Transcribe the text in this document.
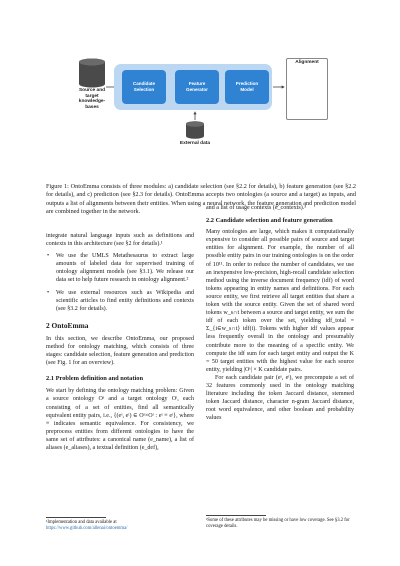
Source and
target
knowledge-
bases
Candidate
Selection
Feature
Generator
Prediction
Model
Alignment
External data
Figure 1: OntoEmma consists of three modules: a) candidate selection (see §2.2 for details), b) feature generation (see §2.2 for details), and c) prediction (see §2.3 for details). OntoEmma accepts two ontologies (a source and a target) as inputs, and outputs a list of alignments between their entities. When using a neural network, the feature generation and prediction model are combined together in the network.

integrate natural language inputs such as definitions and contexts in this architecture (see §2 for details).¹

• We use the UMLS Metathesaurus to extract large amounts of labeled data for supervised training of ontology alignment models (see §3.1). We release our data set to help future research in ontology alignment.²

• We use external resources such as Wikipedia and scientific articles to find entity definitions and contexts (see §3.2 for details).

2 OntoEmma

In this section, we describe OntoEmma, our proposed method for ontology matching, which consists of three stages: candidate selection, feature generation and prediction (see Fig. 1 for an overview).

2.1 Problem definition and notation

We start by defining the ontology matching problem: Given a source ontology Oˢ and a target ontology Oᵗ, each consisting of a set of entities, find all semantically equivalent entity pairs, i.e., {(eˢ, eᵗ) ∈ Oˢ×Oᵗ : eˢ ≡ eᵗ}, where ≡ indicates semantic equivalence. For consistency, we preprocess entities from different ontologies to have the same set of attributes: a canonical name (e_name), a list of aliases (e_aliases), a textual definition (e_def),

¹Implementation and data available at https://www.github.com/allenai/ontoemma/

and a list of usage contexts (e_contexts).³

2.2 Candidate selection and feature generation

Many ontologies are large, which makes it computationally expensive to consider all possible pairs of source and target entities for alignment. For example, the number of all possible entity pairs in our training ontologies is on the order of 10¹¹. In order to reduce the number of candidates, we use an inexpensive low-precision, high-recall candidate selection method using the inverse document frequency (idf) of word tokens appearing in entity names and definitions. For each source entity, we first retrieve all target entities that share a token with the source entity. Given the set of shared word tokens w_s∩t between a source and target entity, we sum the idf of each token over the set, yielding idf_total = Σ_{i∈w_s∩t} idf(i). Tokens with higher idf values appear less frequently overall in the ontology and presumably contribute more to the meaning of a specific entity. We compute the idf sum for each target entity and output the K = 50 target entities with the highest value for each source entity, yielding |Oˢ| × K candidate pairs.

For each candidate pair (eˢ, eᵗ), we precompute a set of 32 features commonly used in the ontology matching literature including the token Jaccard distance, stemmed token Jaccard distance, character n-gram Jaccard distance, root word equivalence, and other boolean and probability values

³Some of these attributes may be missing or have low coverage. See §3.2 for coverage details.
